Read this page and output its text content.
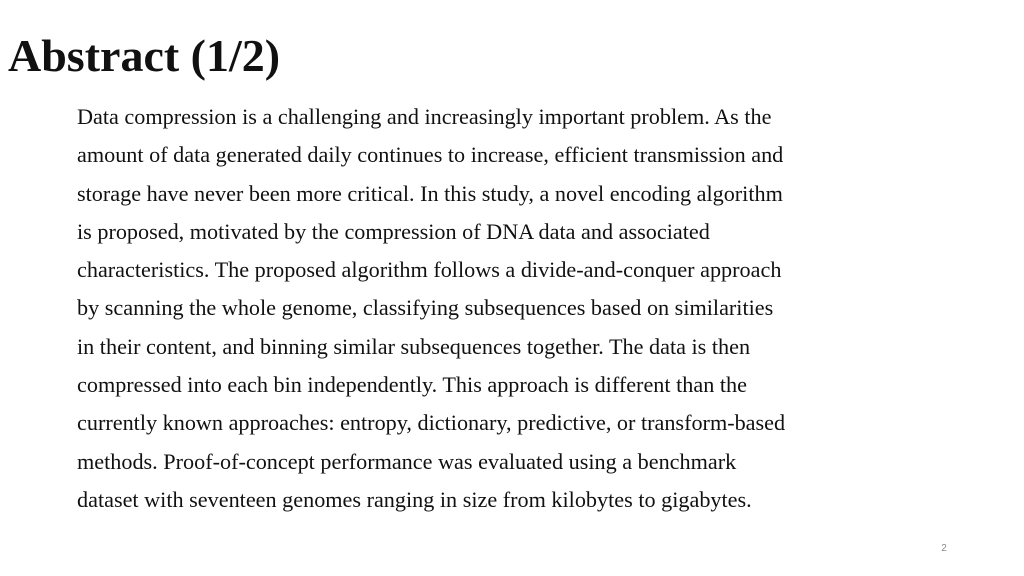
Abstract (1/2)
Data compression is a challenging and increasingly important problem. As the
amount of data generated daily continues to increase, efficient transmission and
storage have never been more critical. In this study, a novel encoding algorithm
is proposed, motivated by the compression of DNA data and associated
characteristics. The proposed algorithm follows a divide-and-conquer approach
by scanning the whole genome, classifying subsequences based on similarities
in their content, and binning similar subsequences together. The data is then
compressed into each bin independently. This approach is different than the
currently known approaches: entropy, dictionary, predictive, or transform-based
methods. Proof-of-concept performance was evaluated using a benchmark
dataset with seventeen genomes ranging in size from kilobytes to gigabytes.
2
